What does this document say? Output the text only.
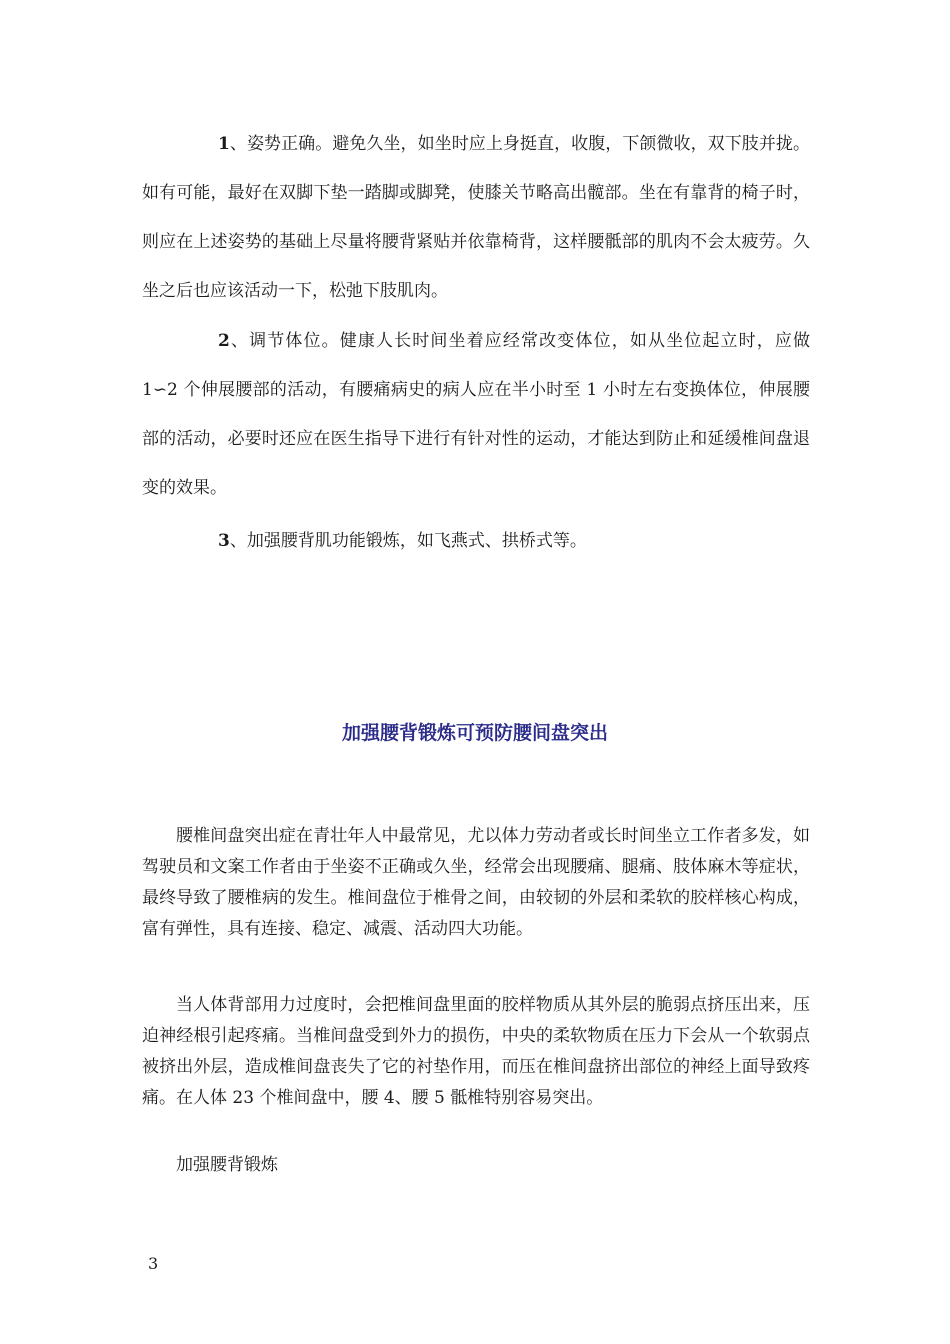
1、姿势正确。避免久坐，如坐时应上身挺直，收腹，下颌微收，双下肢并拢。如有可能，最好在双脚下垫一踏脚或脚凳，使膝关节略高出髋部。坐在有靠背的椅子时，则应在上述姿势的基础上尽量将腰背紧贴并依靠椅背，这样腰骶部的肌肉不会太疲劳。久坐之后也应该活动一下，松弛下肢肌肉。

2、调节体位。健康人长时间坐着应经常改变体位，如从坐位起立时，应做 1∽2 个伸展腰部的活动，有腰痛病史的病人应在半小时至 1 小时左右变换体位，伸展腰部的活动，必要时还应在医生指导下进行有针对性的运动，才能达到防止和延缓椎间盘退变的效果。

3、加强腰背肌功能锻炼，如飞燕式、拱桥式等。

加强腰背锻炼可预防腰间盘突出

腰椎间盘突出症在青壮年人中最常见，尤以体力劳动者或长时间坐立工作者多发，如驾驶员和文案工作者由于坐姿不正确或久坐，经常会出现腰痛、腿痛、肢体麻木等症状，最终导致了腰椎病的发生。椎间盘位于椎骨之间，由较韧的外层和柔软的胶样核心构成，富有弹性，具有连接、稳定、减震、活动四大功能。

当人体背部用力过度时，会把椎间盘里面的胶样物质从其外层的脆弱点挤压出来，压迫神经根引起疼痛。当椎间盘受到外力的损伤，中央的柔软物质在压力下会从一个软弱点被挤出外层，造成椎间盘丧失了它的衬垫作用，而压在椎间盘挤出部位的神经上面导致疼痛。在人体 23 个椎间盘中，腰 4、腰 5 骶椎特别容易突出。

加强腰背锻炼

3
